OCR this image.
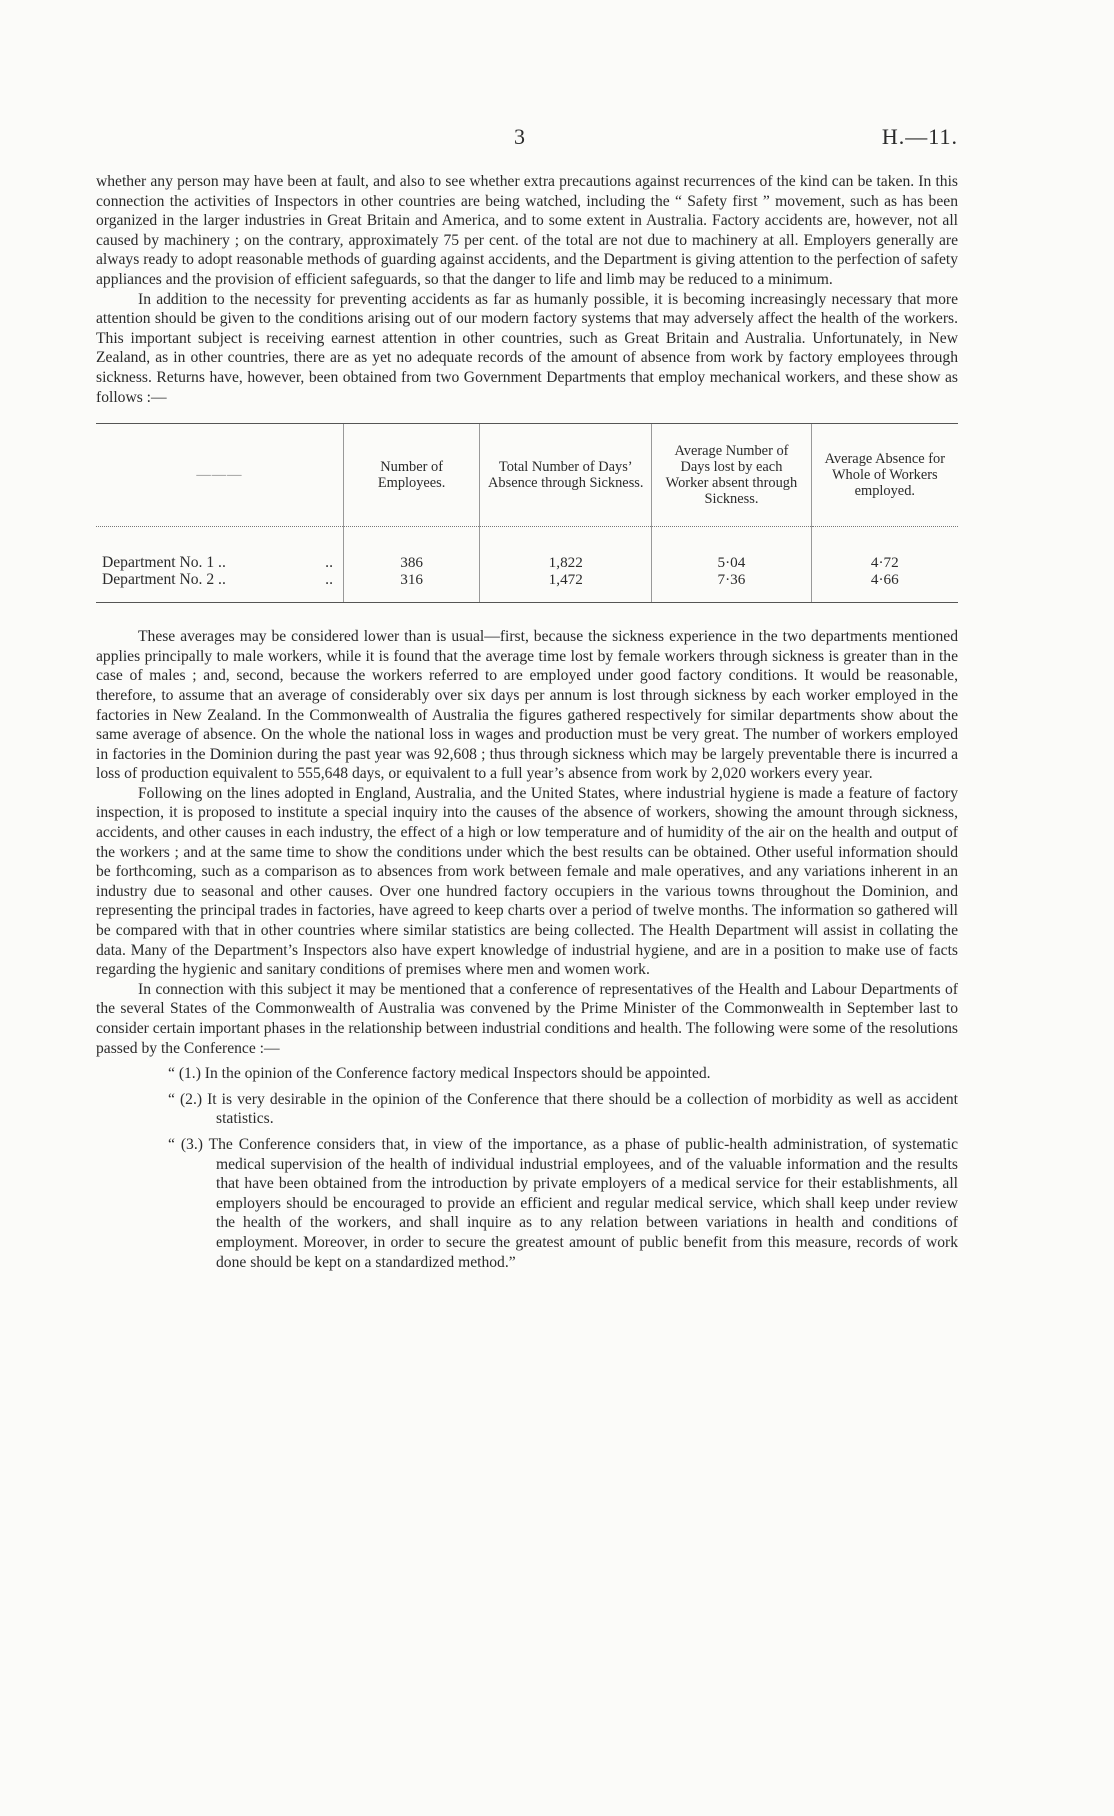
3	H.—11.

whether any person may have been at fault, and also to see whether extra precautions against recurrences of the kind can be taken. In this connection the activities of Inspectors in other countries are being watched, including the “ Safety first ” movement, such as has been organized in the larger industries in Great Britain and America, and to some extent in Australia. Factory accidents are, however, not all caused by machinery ; on the contrary, approximately 75 per cent. of the total are not due to machinery at all. Employers generally are always ready to adopt reasonable methods of guarding against accidents, and the Department is giving attention to the perfection of safety appliances and the provision of efficient safeguards, so that the danger to life and limb may be reduced to a minimum.

In addition to the necessity for preventing accidents as far as humanly possible, it is becoming increasingly necessary that more attention should be given to the conditions arising out of our modern factory systems that may adversely affect the health of the workers. This important subject is receiving earnest attention in other countries, such as Great Britain and Australia. Unfortunately, in New Zealand, as in other countries, there are as yet no adequate records of the amount of absence from work by factory employees through sickness. Returns have, however, been obtained from two Government Departments that employ mechanical workers, and these show as follows :—

———	Number of Employees.	Total Number of Days’ Absence through Sickness.	Average Number of Days lost by each Worker absent through Sickness.	Average Absence for Whole of Workers employed.

Department No. 1 .. ..	386	1,822	5·04	4·72
Department No. 2 .. ..	316	1,472	7·36	4·66

These averages may be considered lower than is usual—first, because the sickness experience in the two departments mentioned applies principally to male workers, while it is found that the average time lost by female workers through sickness is greater than in the case of males ; and, second, because the workers referred to are employed under good factory conditions. It would be reasonable, therefore, to assume that an average of considerably over six days per annum is lost through sickness by each worker employed in the factories in New Zealand. In the Commonwealth of Australia the figures gathered respectively for similar departments show about the same average of absence. On the whole the national loss in wages and production must be very great. The number of workers employed in factories in the Dominion during the past year was 92,608 ; thus through sickness which may be largely preventable there is incurred a loss of production equivalent to 555,648 days, or equivalent to a full year’s absence from work by 2,020 workers every year.

Following on the lines adopted in England, Australia, and the United States, where industrial hygiene is made a feature of factory inspection, it is proposed to institute a special inquiry into the causes of the absence of workers, showing the amount through sickness, accidents, and other causes in each industry, the effect of a high or low temperature and of humidity of the air on the health and output of the workers ; and at the same time to show the conditions under which the best results can be obtained. Other useful information should be forthcoming, such as a comparison as to absences from work between female and male operatives, and any variations inherent in an industry due to seasonal and other causes. Over one hundred factory occupiers in the various towns throughout the Dominion, and representing the principal trades in factories, have agreed to keep charts over a period of twelve months. The information so gathered will be compared with that in other countries where similar statistics are being collected. The Health Department will assist in collating the data. Many of the Department’s Inspectors also have expert knowledge of industrial hygiene, and are in a position to make use of facts regarding the hygienic and sanitary conditions of premises where men and women work.

In connection with this subject it may be mentioned that a conference of representatives of the Health and Labour Departments of the several States of the Commonwealth of Australia was convened by the Prime Minister of the Commonwealth in September last to consider certain important phases in the relationship between industrial conditions and health. The following were some of the resolutions passed by the Conference :—

“ (1.) In the opinion of the Conference factory medical Inspectors should be appointed.
“ (2.) It is very desirable in the opinion of the Conference that there should be a collection of morbidity as well as accident statistics.
“ (3.) The Conference considers that, in view of the importance, as a phase of public-health administration, of systematic medical supervision of the health of individual industrial employees, and of the valuable information and the results that have been obtained from the introduction by private employers of a medical service for their establishments, all employers should be encouraged to provide an efficient and regular medical service, which shall keep under review the health of the workers, and shall inquire as to any relation between variations in health and conditions of employment. Moreover, in order to secure the greatest amount of public benefit from this measure, records of work done should be kept on a standardized method.”
